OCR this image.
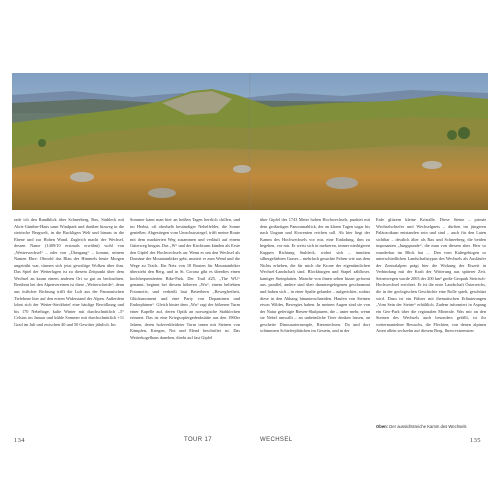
rade ich den Rundblick über Schneeberg, Rax, Stuhleck mit Alois-Günther-Haus samt Windpark und darüber hinweg in die steirische Bergwelt, in die Buckligen Welt und hinaus in die Ebene und zur Hohen Wand. Zugleich macht der Wechsel, dessen Name (1409/10 erstmals erwähnt) wohl von „Wetterwechsel“ – oder von „Übergang“ – kommt, seinem Namen Ehre: Obwohl das Blau des Himmels heute Morgen ungetrübt war, türmen sich jetzt gewaltige Wolken über ihm. Das Spiel der Wetterlagen ist zu diesem Zeitpunkt über dem Wechsel an kaum einem anderen Ort so gut zu beobachten. Berühmt bei den Alpenvereinen ist diese „Wetterscheide“, denn aus östlicher Richtung trifft die Luft aus der Pannonischen Tiefebene hier auf den ersten Widerstand der Alpen. Außerdem lohnt sich der Wetter-Steckbrief eine häufige Bewölkung und bis 170 Nebeltage, kalte Winter mit durchschnittlich –5° Celsius im Januar und kühle Sommer mit durchschnittlich +11 Grad im Juli und zwischen 40 und 50 Gewitter jährlich. Im

Sommer kann man hier an heißen Tagen herrlich chillen, und im Herbst, oft oberhalb beständiger Nebelfelder, die Sonne genießen. Abgestiegen vom Umschussriegel, trifft meine Route mit dem markierten Weg zusammen und verläuft auf einem Güterweg bergan. Das „W“ und der Kirchturm künden als Erste den Gipfel des Hochwechsels an: Wenn es um den Wechsel als Domäne der Mountainbiker geht, mutiert er zum Wend und die Wege zu Trails. Ein Netz von 18 Routen für Mountainbiker überzieht den Berg, und in St. Corona gibt es überdies einen hochfrequentierten Bike-Park. Der Trail #25, „The WU“ genannt, beginnt bei diesem höheren „Wu“, einem beliebten Fotomotiv, und verheißt laut Betreibern „Bewegfreiheit, Glücksmoment und eine Party von Dopaminen und Endorphinen“. Gleich hinter dem „Wu“ ragt der hölzerne Turm einer Kapelle auf, deren Optik an norwegische Stabkirchen erinnert. Das ist eine Kriegsopfergedenkstätte aus den 1960er Jahren, deren holzverkleideter Turm innen mit Steinen von Kämpfen, Kriegen, Not und Elend beschriftet ist. Das Wetterkogelhaus daneben, direkt auf fast Gipfel

über Gipfel des 1743 Meter hohen Hochwechsels, punktet mit dem großartigen Panoramablick, der an klaren Tagen sogar bis nach Ungarn und Slowenien reichen soll. Ab hier liegt der Kamm des Hochwechsels vor mir, eine Einladung, ihm zu begehen, vor mir. Er weist sich in mehreren, immer niedrigeren Kuppen Richtung Stuhleck, wobei sich – inmitten silbergefärbten Grases – mehrfach gesuchte Felsen wie aus dem Nichts erheben, die für mich die Krone der eigentümlichen Wechsel-Landschaft sind. Blockburgen und Stapel zählloser, kantiger Steinplatten. Manche von ihnen sehen bizarr geformt aus, parallel, andere sind über daruntergelegenen geschrammt und haben sich – in einer Spalte gelandet – aufgerichtet, sodass diese in den Abhang hinunterschneiden. Haufen von Steinen etwas Wildes, Bewegtes haben. In meinen Augen sind sie von der Natur gefertigte Riesen-Skulpturen, die – unter mehr, wenn sie Nebel umwallt – an unheimliche Tiere denken lassen, an gescheite Dinosaurierrumpfe, Riesenechsen. Da und dort schimmern Schieferplättchen im Gestein, und in der

Erde glitzern kleine Kristalle. Diese Steine – primär Wechselschiefer und Wechselgneis – dürften im jüngeren Paläozoikum entstanden sein und sind – auch für den Laien sichtbar – deutlich älter als Rax und Schneeberg, die beiden imposanten „Jungspunde“, die man von diesem aber. Herr so wunderbar im Blick hat … Den vom Kaltegebirgen so unterschiedlichen Landschaftstypus des Wechsels als Ausläufer der Zentralalpen prägt hier die Wirkung der Eiszeit in Verbindung mit der Kraft der Witterung aus späterer Zeit. Seinetwegen wurde 2003 der 200 km² große Geopark Steirisch-Hochwechsel errichtet. Er ist die erste Landschaft Österreichs, die in der geologischen Geschichte eine Rolle spielt, geschützt wird. Dazu ist ein Führer mit thematischen Erläuterungen „Vom Sein der Steine“ erhältlich. Zudem informiert in Aspang ein Geo-Park über die regionalen Minerale. Was mir an den Steinen des Wechsels auch besonders gefällt, ist ihr wettermantelner Bewuchs, die Flechten, von denen alpinen Arten allein sechzehn auf diesem Berg. Ihren extremsten

Oben: Der aussichtsreiche Kamm des Wechsels
134	TOUR 17	WECHSEL	135
